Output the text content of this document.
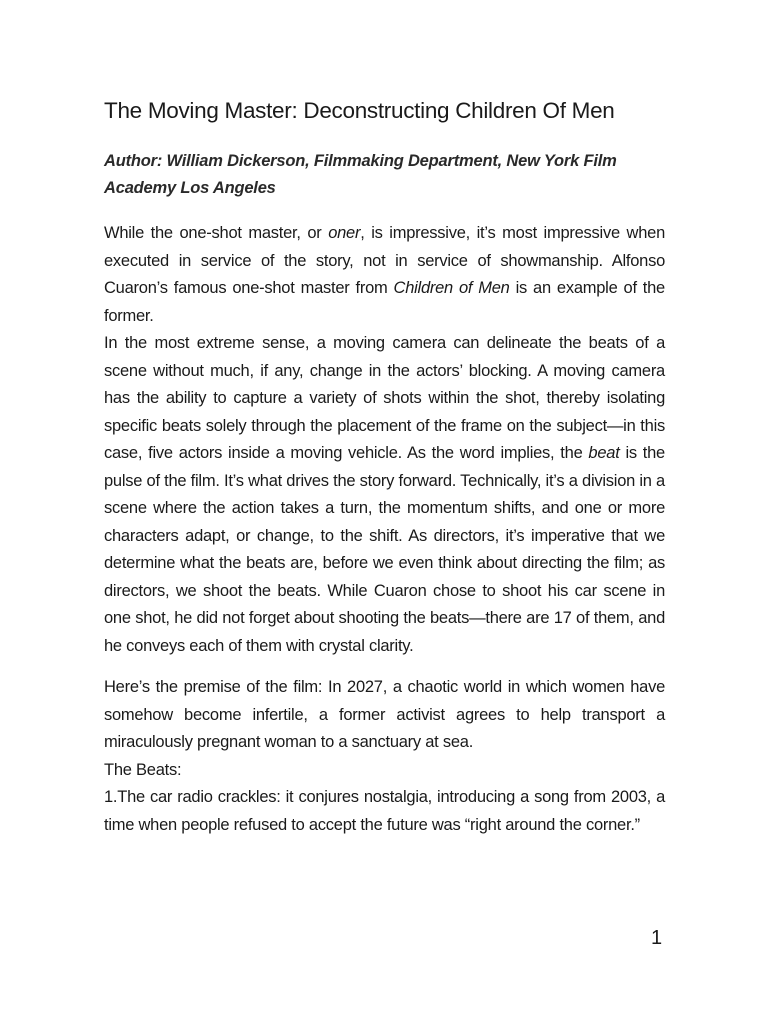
The Moving Master: Deconstructing Children Of Men

Author: William Dickerson, Filmmaking Department, New York Film Academy Los Angeles

While the one-shot master, or oner, is impressive, it’s most impressive when executed in service of the story, not in service of showmanship. Alfonso Cuaron’s famous one-shot master from Children of Men is an example of the former.

In the most extreme sense, a moving camera can delineate the beats of a scene without much, if any, change in the actors’ blocking. A moving camera has the ability to capture a variety of shots within the shot, thereby isolating specific beats solely through the placement of the frame on the subject—in this case, five actors inside a moving vehicle. As the word implies, the beat is the pulse of the film. It’s what drives the story forward. Technically, it’s a division in a scene where the action takes a turn, the momentum shifts, and one or more characters adapt, or change, to the shift. As directors, it’s imperative that we determine what the beats are, before we even think about directing the film; as directors, we shoot the beats. While Cuaron chose to shoot his car scene in one shot, he did not forget about shooting the beats—there are 17 of them, and he conveys each of them with crystal clarity.

Here’s the premise of the film: In 2027, a chaotic world in which women have somehow become infertile, a former activist agrees to help transport a miraculously pregnant woman to a sanctuary at sea.

The Beats:

1.The car radio crackles: it conjures nostalgia, introducing a song from 2003, a time when people refused to accept the future was “right around the corner.”

1
